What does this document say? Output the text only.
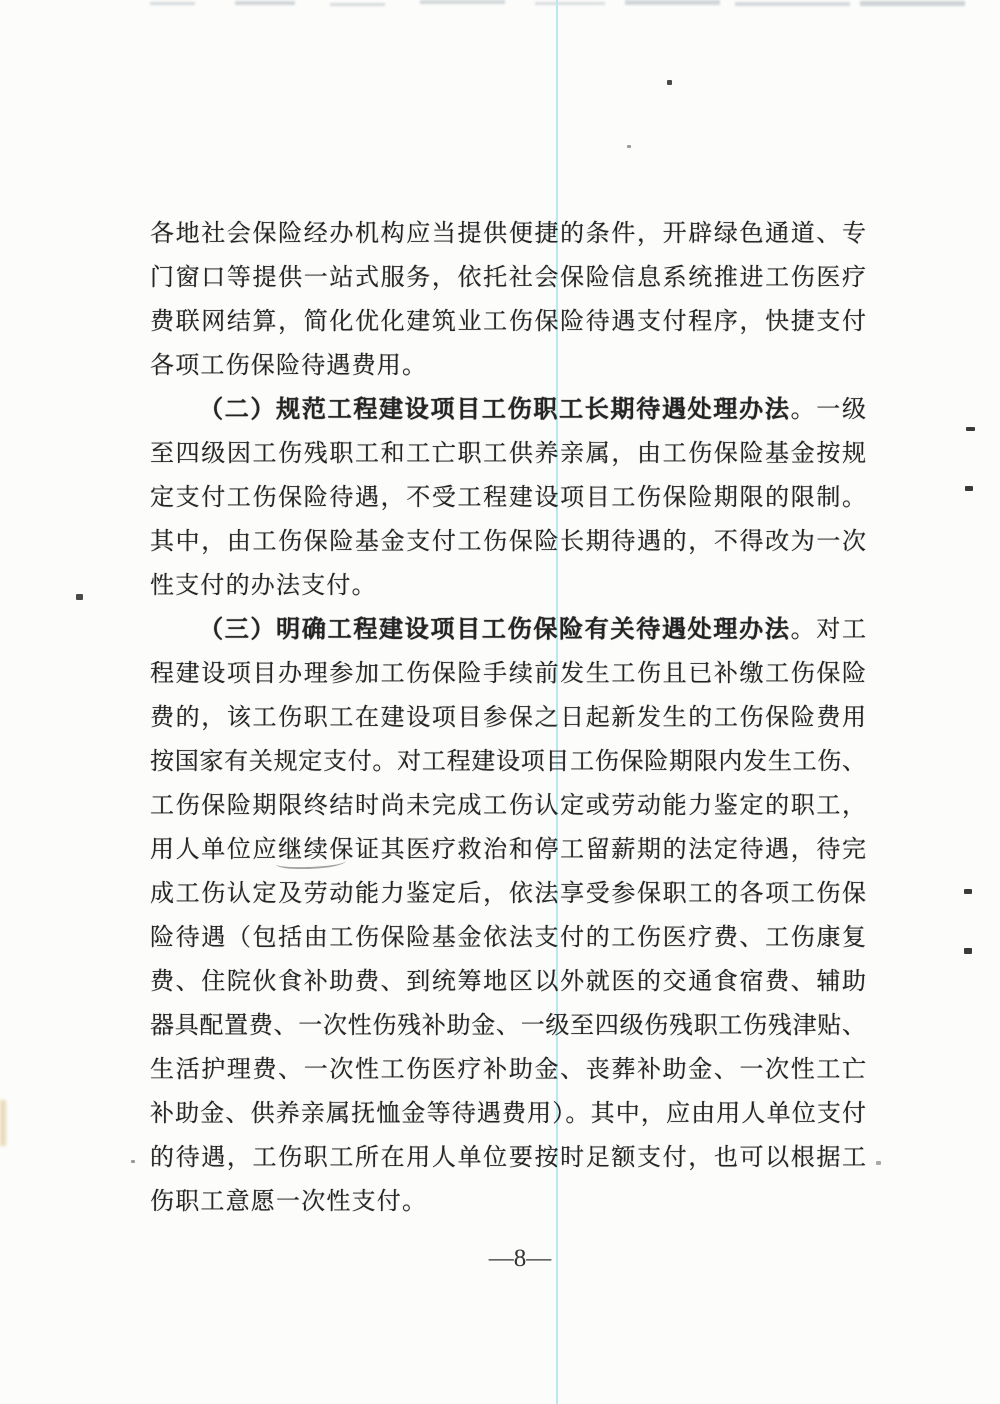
各地社会保险经办机构应当提供便捷的条件，开辟绿色通道、专
门窗口等提供一站式服务，依托社会保险信息系统推进工伤医疗
费联网结算，简化优化建筑业工伤保险待遇支付程序，快捷支付
各项工伤保险待遇费用。
（二）规范工程建设项目工伤职工长期待遇处理办法。一级
至四级因工伤残职工和工亡职工供养亲属，由工伤保险基金按规
定支付工伤保险待遇，不受工程建设项目工伤保险期限的限制。
其中，由工伤保险基金支付工伤保险长期待遇的，不得改为一次
性支付的办法支付。
（三）明确工程建设项目工伤保险有关待遇处理办法。对工
程建设项目办理参加工伤保险手续前发生工伤且已补缴工伤保险
费的，该工伤职工在建设项目参保之日起新发生的工伤保险费用
按国家有关规定支付。对工程建设项目工伤保险期限内发生工伤、
工伤保险期限终结时尚未完成工伤认定或劳动能力鉴定的职工，
用人单位应继续保证其医疗救治和停工留薪期的法定待遇，待完
成工伤认定及劳动能力鉴定后，依法享受参保职工的各项工伤保
险待遇（包括由工伤保险基金依法支付的工伤医疗费、工伤康复
费、住院伙食补助费、到统筹地区以外就医的交通食宿费、辅助
器具配置费、一次性伤残补助金、一级至四级伤残职工伤残津贴、
生活护理费、一次性工伤医疗补助金、丧葬补助金、一次性工亡
补助金、供养亲属抚恤金等待遇费用）。其中，应由用人单位支付
的待遇，工伤职工所在用人单位要按时足额支付，也可以根据工
伤职工意愿一次性支付。
—8—
